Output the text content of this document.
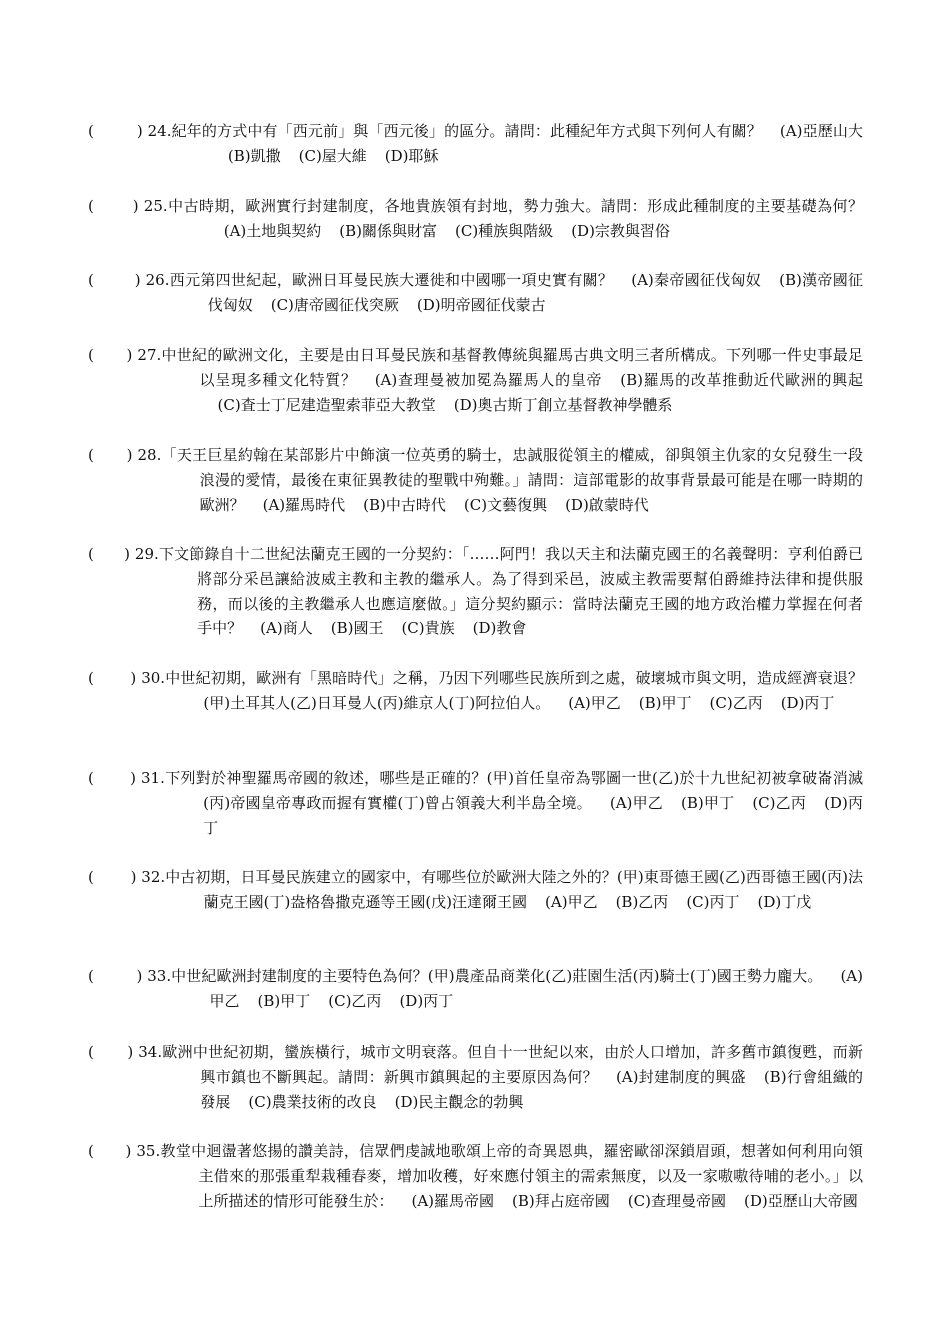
(	) 24.紀年的方式中有「西元前」與「西元後」的區分。請問：此種紀年方式與下列何人有關？ (A)亞歷山大(B)凱撒 (C)屋大維 (D)耶穌
(	) 25.中古時期，歐洲實行封建制度，各地貴族領有封地，勢力強大。請問：形成此種制度的主要基礎為何？(A)土地與契約 (B)關係與財富 (C)種族與階級 (D)宗教與習俗
(	) 26.西元第四世紀起，歐洲日耳曼民族大遷徙和中國哪一項史實有關？ (A)秦帝國征伐匈奴 (B)漢帝國征伐匈奴 (C)唐帝國征伐突厥 (D)明帝國征伐蒙古
(	) 27.中世紀的歐洲文化，主要是由日耳曼民族和基督教傳統與羅馬古典文明三者所構成。下列哪一件史事最足以呈現多種文化特質？ (A)查理曼被加冕為羅馬人的皇帝 (B)羅馬的改革推動近代歐洲的興起(C)査士丁尼建造聖索菲亞大教堂 (D)奧古斯丁創立基督教神學體系
(	) 28.「天王巨星約翰在某部影片中飾演一位英勇的騎士，忠誠服從領主的權威，卻與領主仇家的女兒發生一段浪漫的愛情，最後在東征異教徒的聖戰中殉難。」請問：這部電影的故事背景最可能是在哪一時期的歐洲？ (A)羅馬時代 (B)中古時代 (C)文藝復興 (D)啟蒙時代
(	) 29.下文節錄自十二世紀法蘭克王國的一分契約：「……阿門！我以天主和法蘭克國王的名義聲明：亨利伯爵已將部分采邑讓給波威主教和主教的繼承人。為了得到采邑，波威主教需要幫伯爵維持法律和提供服務，而以後的主教繼承人也應這麼做。」這分契約顯示：當時法蘭克王國的地方政治權力掌握在何者手中？ (A)商人 (B)國王 (C)貴族 (D)教會
(	) 30.中世紀初期，歐洲有「黑暗時代」之稱，乃因下列哪些民族所到之處，破壞城市與文明，造成經濟衰退？(甲)土耳其人(乙)日耳曼人(丙)維京人(丁)阿拉伯人。 (A)甲乙 (B)甲丁 (C)乙丙 (D)丙丁
(	) 31.下列對於神聖羅馬帝國的敘述，哪些是正確的？(甲)首任皇帝為鄂圖一世(乙)於十九世紀初被拿破崙消滅(丙)帝國皇帝專政而握有實權(丁)曾占領義大利半島全境。 (A)甲乙 (B)甲丁 (C)乙丙 (D)丙丁
(	) 32.中古初期，日耳曼民族建立的國家中，有哪些位於歐洲大陸之外的？(甲)東哥德王國(乙)西哥德王國(丙)法蘭克王國(丁)盎格魯撒克遜等王國(戊)汪達爾王國 (A)甲乙 (B)乙丙 (C)丙丁 (D)丁戊
(	) 33.中世紀歐洲封建制度的主要特色為何？(甲)農產品商業化(乙)莊園生活(丙)騎士(丁)國王勢力龐大。 (A)甲乙 (B)甲丁 (C)乙丙 (D)丙丁
(	) 34.歐洲中世紀初期，蠻族橫行，城市文明衰落。但自十一世紀以來，由於人口增加，許多舊市鎮復甦，而新興市鎮也不斷興起。請問：新興市鎮興起的主要原因為何？ (A)封建制度的興盛 (B)行會組織的發展 (C)農業技術的改良 (D)民主觀念的勃興
(	) 35.教堂中迴盪著悠揚的讚美詩，信眾們虔誠地歌頌上帝的奇異恩典，羅密歐卻深鎖眉頭，想著如何利用向領主借來的那張重犁栽種春麥，增加收穫，好來應付領主的需索無度，以及一家嗷嗷待哺的老小。」以上所描述的情形可能發生於： (A)羅馬帝國 (B)拜占庭帝國 (C)查理曼帝國 (D)亞歷山大帝國
